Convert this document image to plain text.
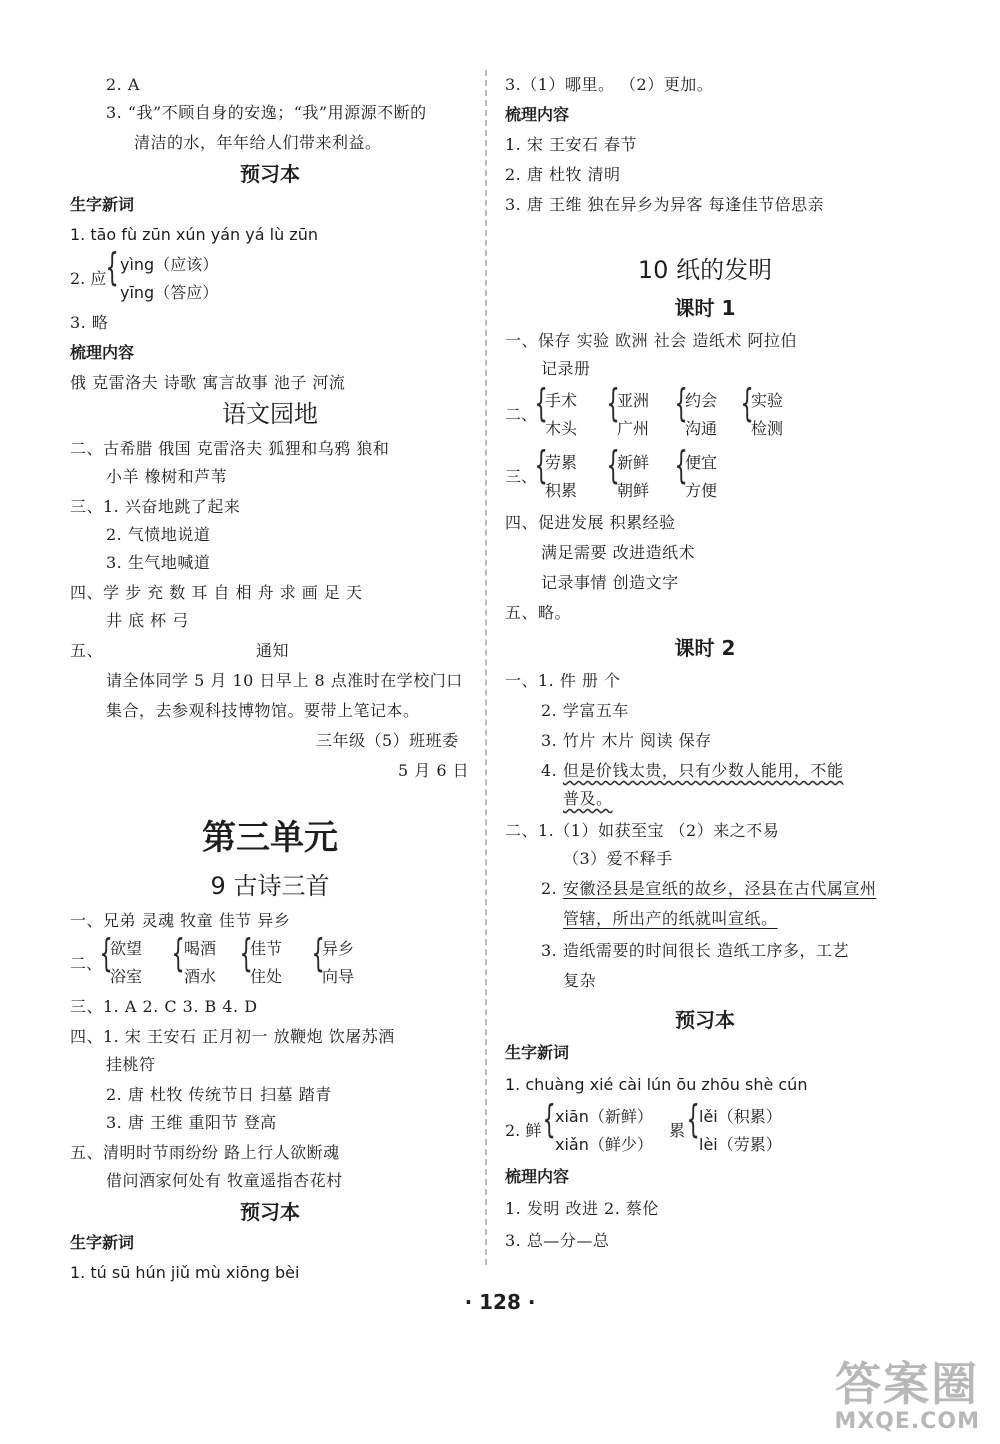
2. A
3. “我”不顾自身的安逸；“我”用源源不断的
清洁的水，年年给人们带来利益。
预习本
生字新词
1. tāo fù zūn xún yán yá lù zūn
2. 应 { yìng（应该）
yīng（答应）
3. 略
梳理内容
俄 克雷洛夫 诗歌 寓言故事 池子 河流
语文园地
二、古希腊 俄国 克雷洛夫 狐狸和乌鸦 狼和
小羊 橡树和芦苇
三、1. 兴奋地跳了起来
2. 气愤地说道
3. 生气地喊道
四、学 步 充 数 耳 自 相 舟 求 画 足 天
井 底 杯 弓
五、	通知
请全体同学 5 月 10 日早上 8 点准时在学校门口
集合，去参观科技博物馆。要带上笔记本。
三年级（5）班班委
5 月 6 日
第三单元
9 古诗三首
一、兄弟 灵魂 牧童 佳节 异乡
二、
{
欲望
浴室
{ 喝酒
酒水
{
佳节
住处
{
异乡
向导
三、1. A 2. C 3. B 4. D
四、1. 宋 王安石 正月初一 放鞭炮 饮屠苏酒
挂桃符
2. 唐 杜牧 传统节日 扫墓 踏青
3. 唐 王维 重阳节 登高
五、清明时节雨纷纷 路上行人欲断魂
借问酒家何处有 牧童遥指杏花村
预习本
生字新词
1. tú sū hún jiǔ mù xiōng bèi
3.（1）哪里。 （2）更加。
梳理内容
1. 宋 王安石 春节
2. 唐 杜牧 清明
3. 唐 王维 独在异乡为异客 每逢佳节倍思亲
10 纸的发明
课时 1
一、保存 实验 欧洲 社会 造纸术 阿拉伯
记录册
二、
{
手术
木头
{
亚洲
广州
{
约会
沟通
{
实验
检测
三、
{
劳累
积累
{
新鲜
朝鲜
{
便宜
方便
四、促进发展 积累经验
满足需要 改进造纸术
记录事情 创造文字
五、略。
课时 2
一、1. 件 册 个
2. 学富五车
3. 竹片 木片 阅读 保存
4. 但是价钱太贵，只有少数人能用，不能
普及。
二、1.（1）如获至宝 （2）来之不易
（3）爱不释手
2. 安徽泾县是宣纸的故乡，泾县在古代属宣州
管辖，所出产的纸就叫宣纸。
3. 造纸需要的时间很长 造纸工序多，工艺
复杂
预习本
生字新词
1. chuàng xié cài lún ōu zhōu shè cún
2. 鲜 { xiān（新鲜）
xiǎn（鲜少）
累 { lěi（积累）
lèi（劳累）
梳理内容
1. 发明 改进 2. 蔡伦
3. 总—分—总
· 128 ·
答案圈
MXQE.COM
